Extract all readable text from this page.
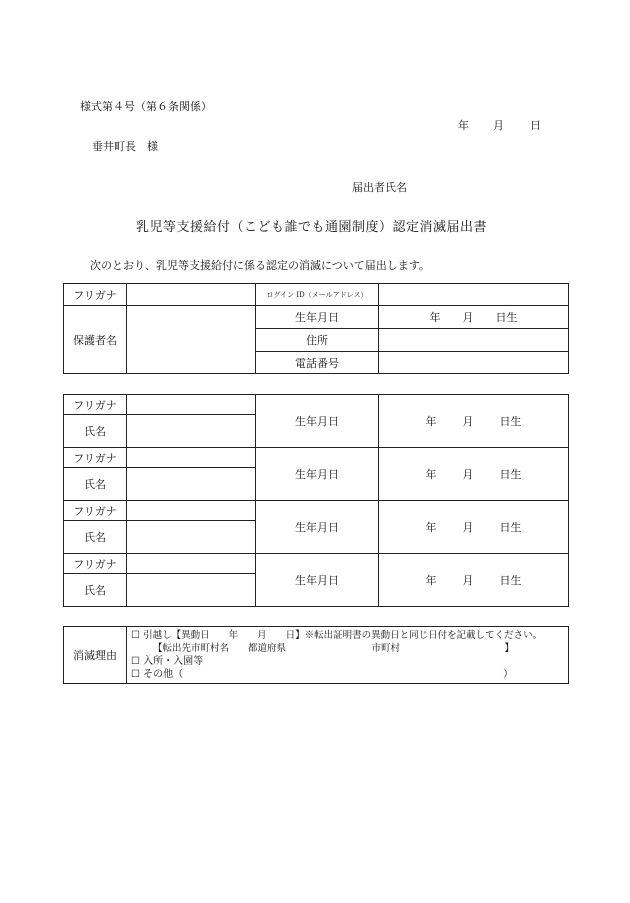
様式第４号（第６条関係）
年 月 日
垂井町長　様
届出者氏名
乳児等支援給付（こども誰でも通園制度）認定消滅届出書
次のとおり、乳児等支援給付に係る認定の消滅について届出します。
フリガナ		ログイン ID（メールアドレス）	
保護者名		生年月日	年 月 日生
		住所	
		電話番号	
フリガナ		生年月日	年 月 日生
氏名			
フリガナ		生年月日	年 月 日生
氏名			
フリガナ		生年月日	年 月 日生
氏名			
フリガナ		生年月日	年 月 日生
氏名			
消滅理由	
☐ 引越し【異動日　　年　　月　　日】※転出証明書の異動日と同じ日付を記載してください。
【転出先市町村名　　都道府県　　　　　　　　　市町村　　　　　　　　　　　】
☐ 入所・入園等
☐ その他（　　　　　　　　　　　　　　　　　　　　　　　　　　　　　　　　）
